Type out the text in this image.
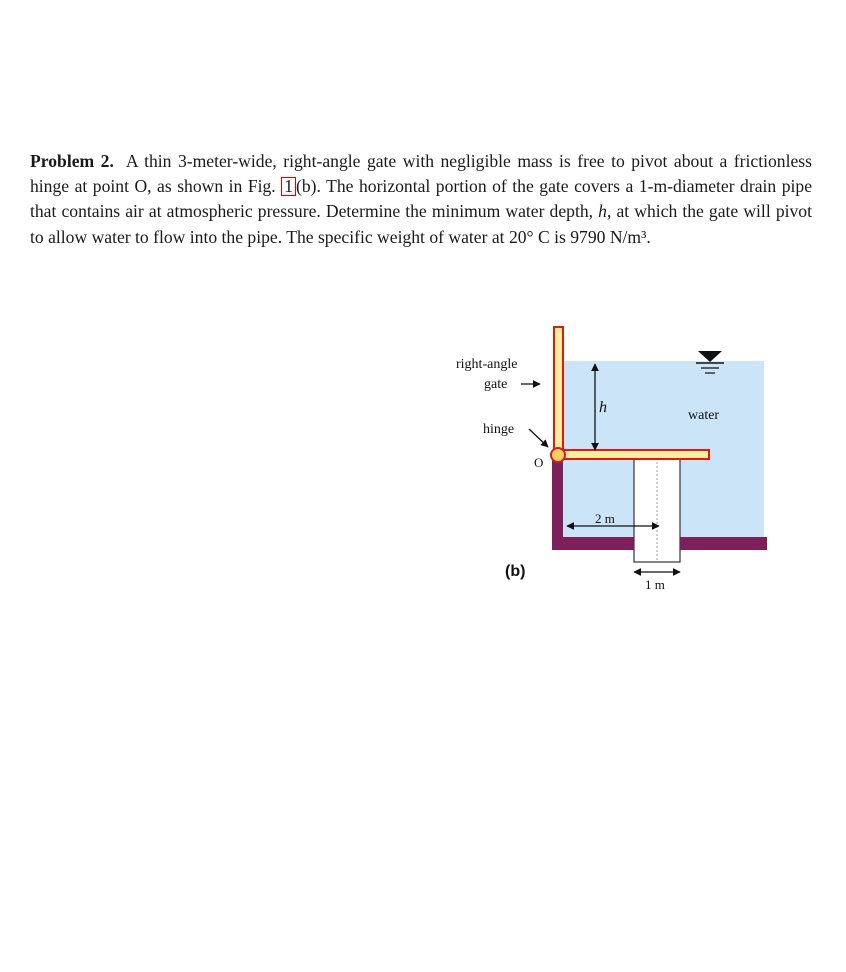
Problem 2. A thin 3-meter-wide, right-angle gate with negligible mass is free to pivot about a frictionless hinge at point O, as shown in Fig. 1 (b). The horizontal portion of the gate covers a 1-m-diameter drain pipe that contains air at atmospheric pressure. Determine the minimum water depth, h, at which the gate will pivot to allow water to flow into the pipe. The specific weight of water at 20° C is 9790 N/m³.

h
2 m
1 m
right-angle
gate
hinge
O
water
(b)
